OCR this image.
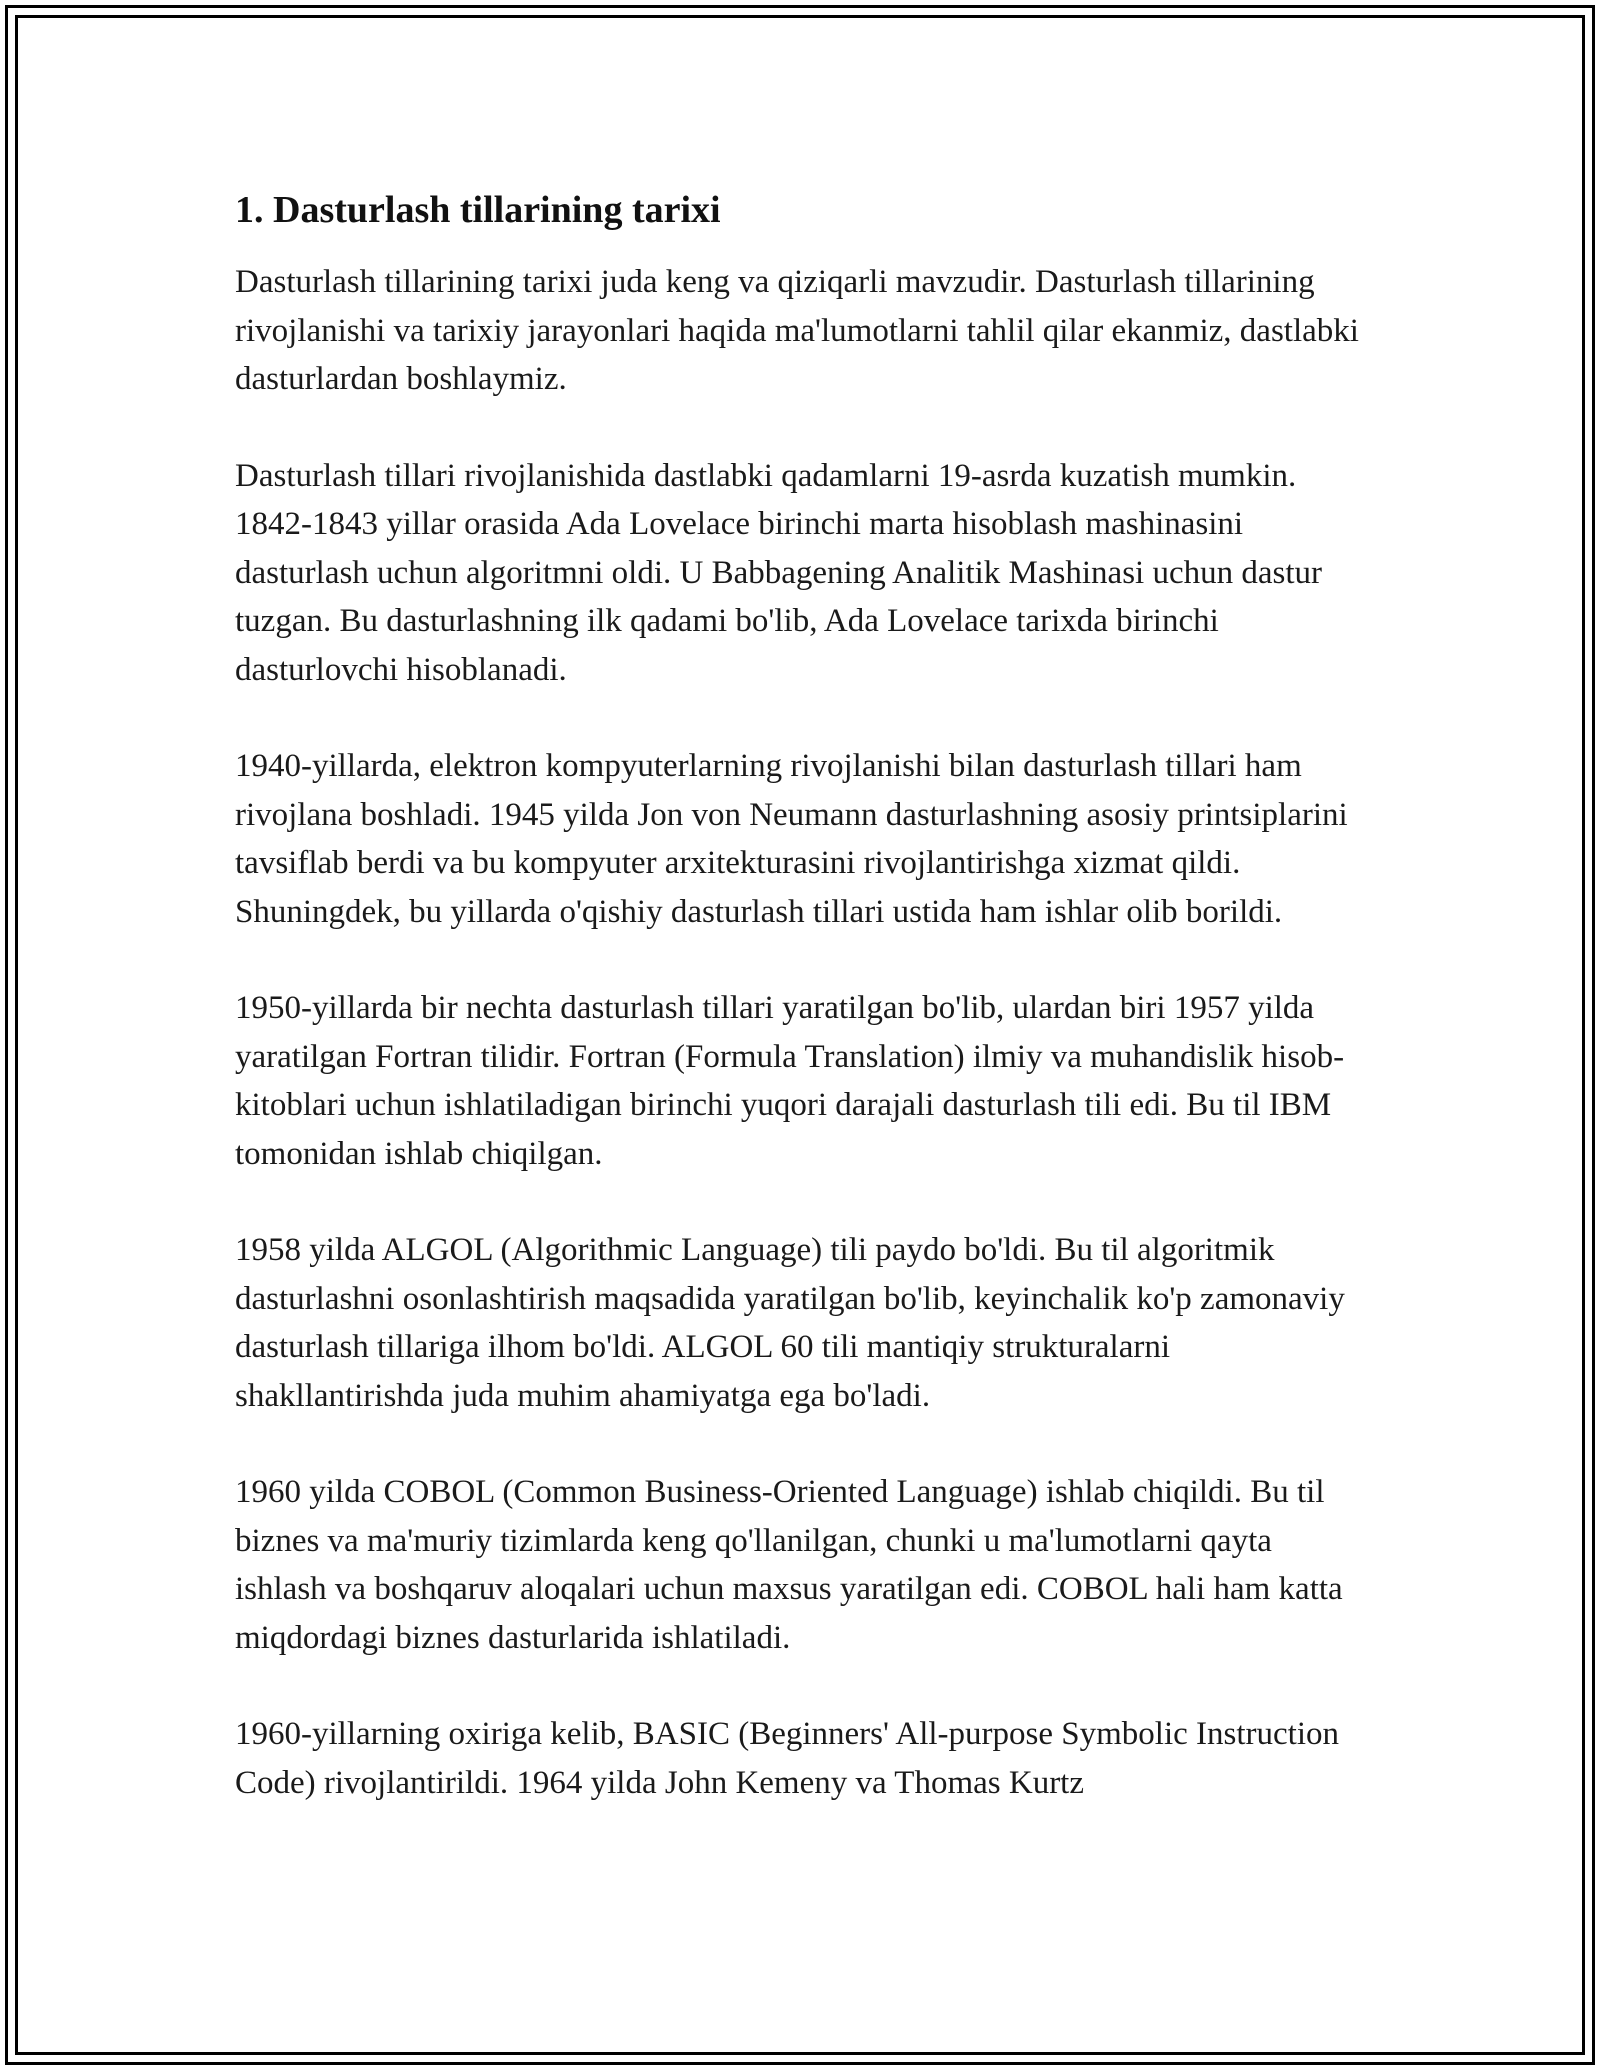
1. Dasturlash tillarining tarixi

Dasturlash tillarining tarixi juda keng va qiziqarli mavzudir. Dasturlash tillarining rivojlanishi va tarixiy jarayonlari haqida ma'lumotlarni tahlil qilar ekanmiz, dastlabki dasturlardan boshlaymiz.

Dasturlash tillari rivojlanishida dastlabki qadamlarni 19-asrda kuzatish mumkin. 1842-1843 yillar orasida Ada Lovelace birinchi marta hisoblash mashinasini dasturlash uchun algoritmni oldi. U Babbagening Analitik Mashinasi uchun dastur tuzgan. Bu dasturlashning ilk qadami bo'lib, Ada Lovelace tarixda birinchi dasturlovchi hisoblanadi.

1940-yillarda, elektron kompyuterlarning rivojlanishi bilan dasturlash tillari ham rivojlana boshladi. 1945 yilda Jon von Neumann dasturlashning asosiy printsiplarini tavsiflab berdi va bu kompyuter arxitekturasini rivojlantirishga xizmat qildi. Shuningdek, bu yillarda o'qishiy dasturlash tillari ustida ham ishlar olib borildi.

1950-yillarda bir nechta dasturlash tillari yaratilgan bo'lib, ulardan biri 1957 yilda yaratilgan Fortran tilidir. Fortran (Formula Translation) ilmiy va muhandislik hisob-kitoblari uchun ishlatiladigan birinchi yuqori darajali dasturlash tili edi. Bu til IBM tomonidan ishlab chiqilgan.

1958 yilda ALGOL (Algorithmic Language) tili paydo bo'ldi. Bu til algoritmik dasturlashni osonlashtirish maqsadida yaratilgan bo'lib, keyinchalik ko'p zamonaviy dasturlash tillariga ilhom bo'ldi. ALGOL 60 tili mantiqiy strukturalarni shakllantirishda juda muhim ahamiyatga ega bo'ladi.

1960 yilda COBOL (Common Business-Oriented Language) ishlab chiqildi. Bu til biznes va ma'muriy tizimlarda keng qo'llanilgan, chunki u ma'lumotlarni qayta ishlash va boshqaruv aloqalari uchun maxsus yaratilgan edi. COBOL hali ham katta miqdordagi biznes dasturlarida ishlatiladi.

1960-yillarning oxiriga kelib, BASIC (Beginners' All-purpose Symbolic Instruction Code) rivojlantirildi. 1964 yilda John Kemeny va Thomas Kurtz
